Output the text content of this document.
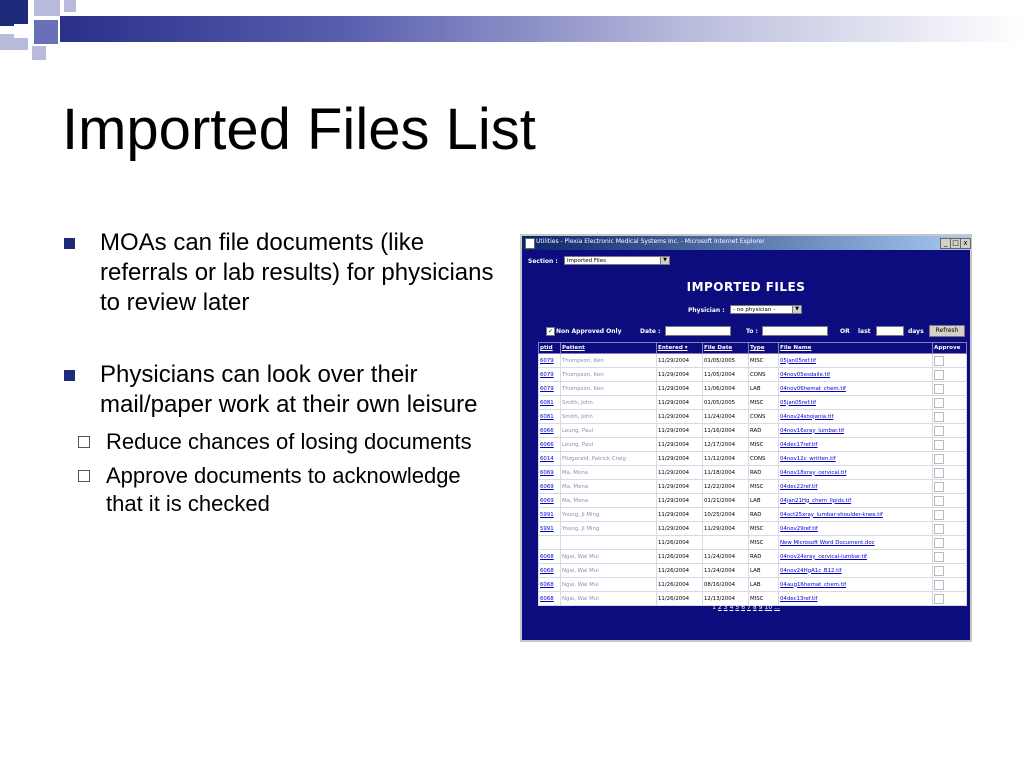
Imported Files List
MOAs can file documents (like referrals or lab results) for physicians to review later
Physicians can look over their mail/paper work at their own leisure
Reduce chances of losing documents
Approve documents to acknowledge that it is checked
Utilities - Plexia Electronic Medical Systems Inc. - Microsoft Internet Explorer	_ □ x
Section :	Imported Files	▼
IMPORTED FILES
Physician :	- no physician -	▼
✓ Non Approved Only	Date :	To :	OR last	days	Refresh
ptid	Patient	Entered ▾	File Date	Type	File Name	Approve
6079	Thompson, Ken	11/29/2004	01/05/2005	MISC	05jan05ref.tif	
6079	Thompson, Ken	11/29/2004	11/05/2004	CONS	04nov05esdaile.tif	
6079	Thompson, Ken	11/29/2004	11/06/2004	LAB	04nov06hemat_chem.tif	
6081	Smith, John	11/29/2004	01/05/2005	MISC	05jan05ref.tif	
6081	Smith, John	11/29/2004	11/24/2004	CONS	04nov24shojania.tif	
6066	Leung, Paul	11/29/2004	11/16/2004	RAD	04nov16xray_lumbar.tif	
6066	Leung, Paul	11/29/2004	12/17/2004	MISC	04dec17ref.tif	
6014	Fitzgerald, Patrick Craig	11/29/2004	11/12/2004	CONS	04nov12c_written.tif	
6069	Ma, Mona	11/29/2004	11/18/2004	RAD	04nov18xray_cervical.tif	
6069	Ma, Mona	11/29/2004	12/22/2004	MISC	04dec22ref.tif	
6069	Ma, Mona	11/29/2004	01/21/2004	LAB	04jan21Hg_chem_lipids.tif	
5991	Young, Ji Ming	11/29/2004	10/25/2004	RAD	04oct25xray_lumbar-shoulder-knee.tif	
5991	Young, Ji Ming	11/29/2004	11/29/2004	MISC	04nov29ref.tif	
		11/26/2004		MISC	New Microsoft Word Document.doc	
6068	Ngai, Wai Mui	11/26/2004	11/24/2004	RAD	04nov24xray_cervical-lumbar.tif	
6068	Ngai, Wai Mui	11/26/2004	11/24/2004	LAB	04nov24HgA1c_B12.tif	
6068	Ngai, Wai Mui	11/26/2004	08/16/2004	LAB	04aug16hemat_chem.tif	
6068	Ngai, Wai Mui	11/26/2004	12/13/2004	MISC	04dec13ref.tif	
1 2 3 4 5 6 7 8 9 10 ...
